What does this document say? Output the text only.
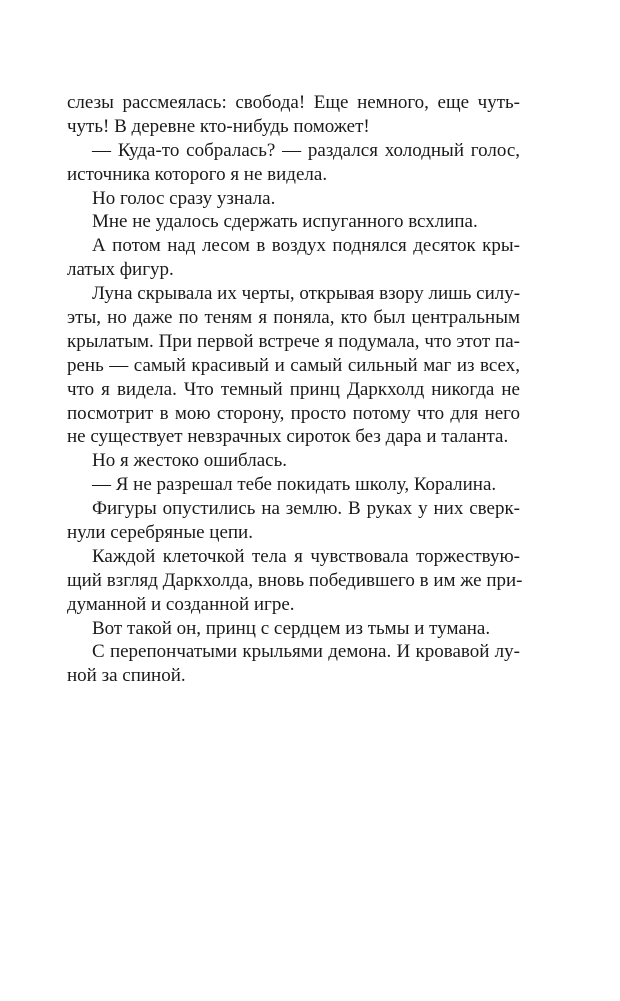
слезы рассмеялась: свобода! Еще немного, еще чуть-
чуть! В деревне кто-нибудь поможет!
— Куда-то собралась? — раздался холодный голос,
источника которого я не видела.
Но голос сразу узнала.
Мне не удалось сдержать испуганного всхлипа.
А потом над лесом в воздух поднялся десяток кры-
латых фигур.
Луна скрывала их черты, открывая взору лишь силу-
эты, но даже по теням я поняла, кто был центральным
крылатым. При первой встрече я подумала, что этот па-
рень — самый красивый и самый сильный маг из всех,
что я видела. Что темный принц Даркхолд никогда не
посмотрит в мою сторону, просто потому что для него
не существует невзрачных сироток без дара и таланта.
Но я жестоко ошиблась.
— Я не разрешал тебе покидать школу, Коралина.
Фигуры опустились на землю. В руках у них сверк-
нули серебряные цепи.
Каждой клеточкой тела я чувствовала торжествую-
щий взгляд Даркхолда, вновь победившего в им же при-
думанной и созданной игре.
Вот такой он, принц с сердцем из тьмы и тумана.
С перепончатыми крыльями демона. И кровавой лу-
ной за спиной.
